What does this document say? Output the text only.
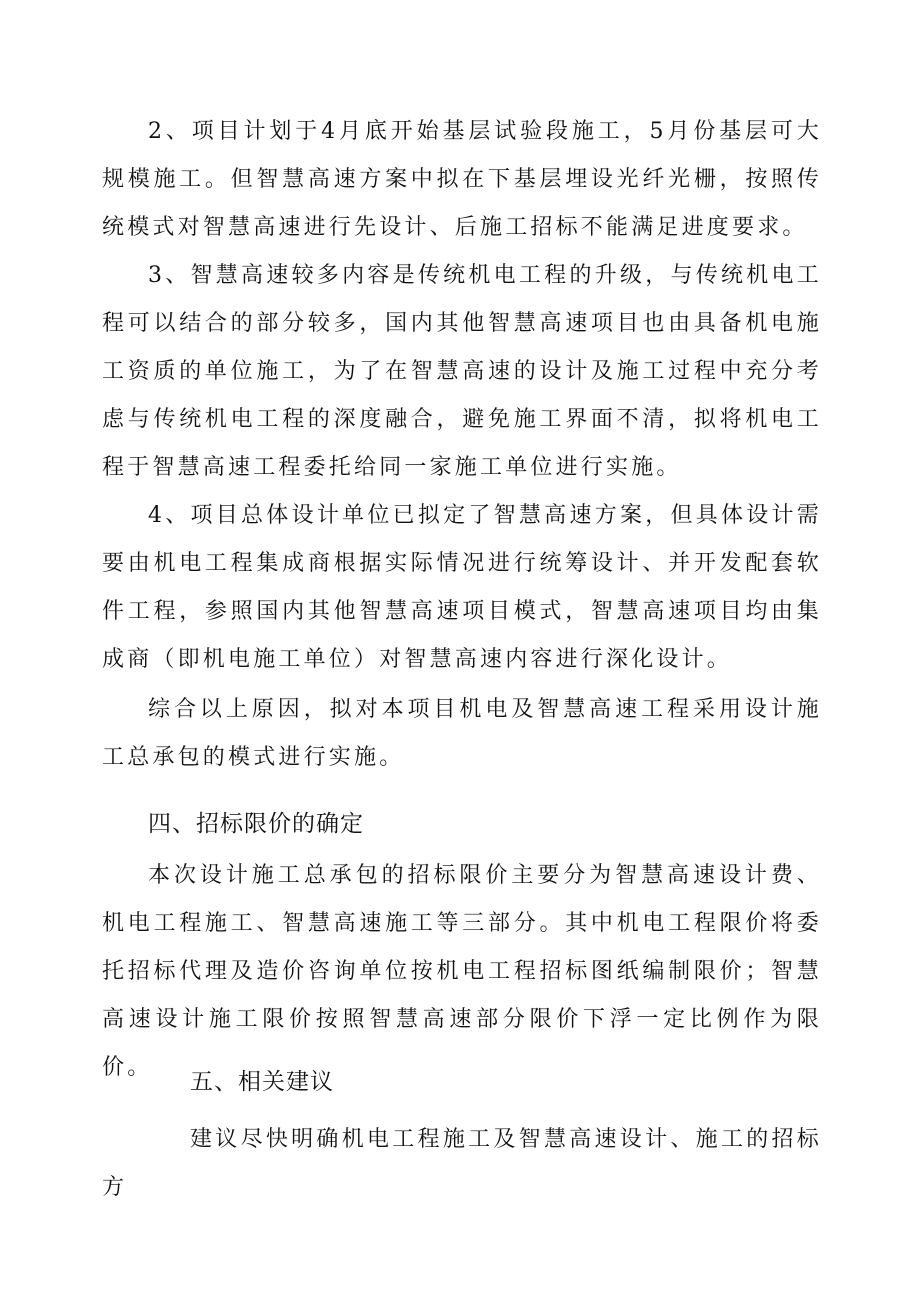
2、项目计划于4月底开始基层试验段施工，5月份基层可大规模施工。但智慧高速方案中拟在下基层埋设光纤光栅，按照传统模式对智慧高速进行先设计、后施工招标不能满足进度要求。

3、智慧高速较多内容是传统机电工程的升级，与传统机电工程可以结合的部分较多，国内其他智慧高速项目也由具备机电施工资质的单位施工，为了在智慧高速的设计及施工过程中充分考虑与传统机电工程的深度融合，避免施工界面不清，拟将机电工程于智慧高速工程委托给同一家施工单位进行实施。

4、项目总体设计单位已拟定了智慧高速方案，但具体设计需要由机电工程集成商根据实际情况进行统筹设计、并开发配套软件工程，参照国内其他智慧高速项目模式，智慧高速项目均由集成商（即机电施工单位）对智慧高速内容进行深化设计。

综合以上原因，拟对本项目机电及智慧高速工程采用设计施工总承包的模式进行实施。

四、招标限价的确定

本次设计施工总承包的招标限价主要分为智慧高速设计费、机电工程施工、智慧高速施工等三部分。其中机电工程限价将委托招标代理及造价咨询单位按机电工程招标图纸编制限价；智慧高速设计施工限价按照智慧高速部分限价下浮一定比例作为限价。

五、相关建议

建议尽快明确机电工程施工及智慧高速设计、施工的招标方
